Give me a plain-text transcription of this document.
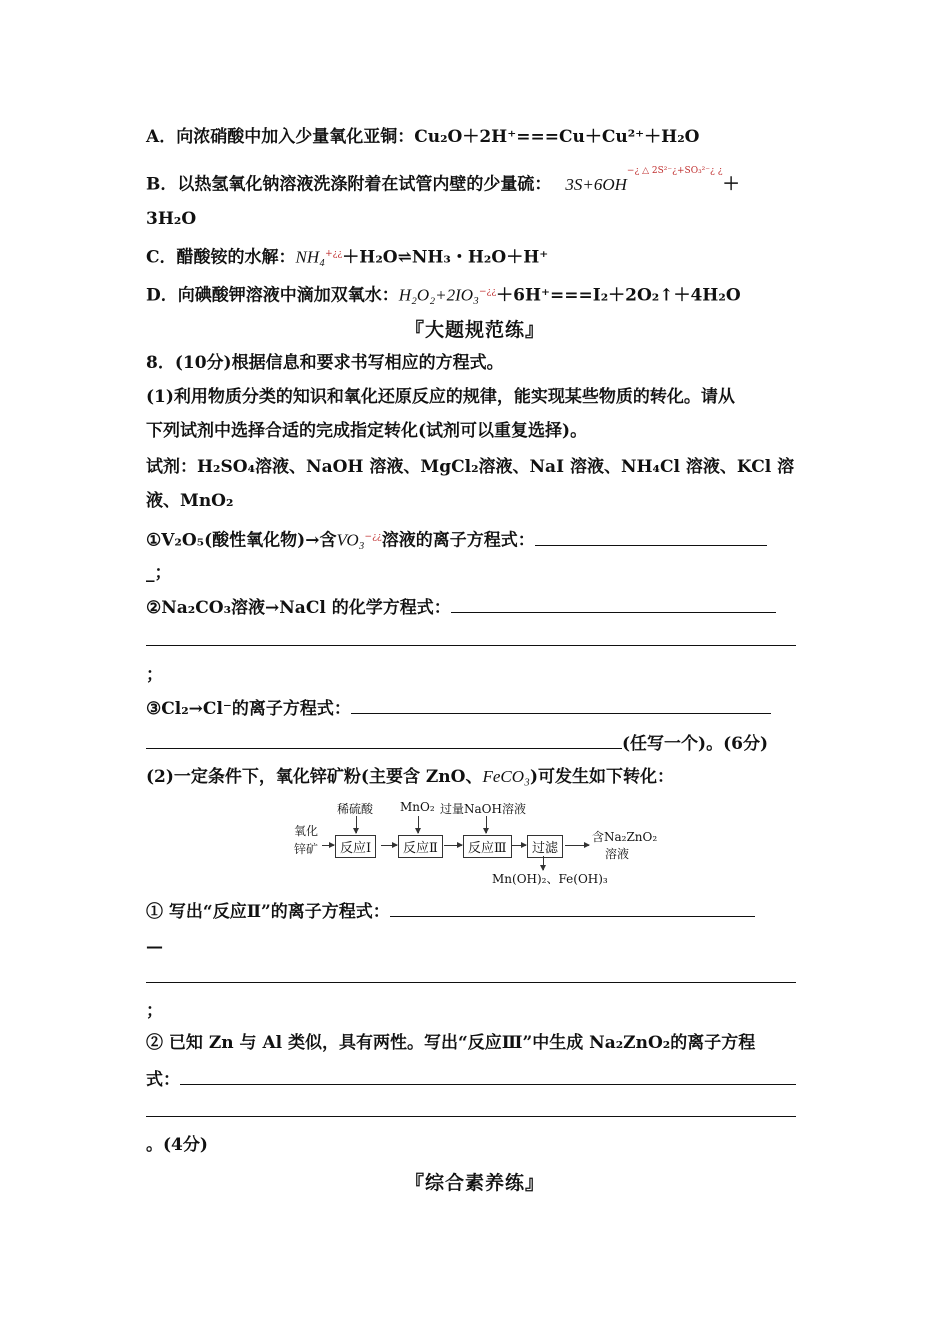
A．向浓硝酸中加入少量氧化亚铜：Cu₂O＋2H⁺===Cu＋Cu²⁺＋H₂O
B．以热氢氧化钠溶液洗涤附着在试管内壁的少量硫： $3S+6OH^{-¿ \triangle 2S^{2-}¿+SO_3^{2-}¿ ¿}+$
3H₂O
C．醋酸铵的水解：NH₄+¿¿＋H₂O⇌NH₃・H₂O＋H⁺
D．向碘酸钾溶液中滴加双氧水：H₂O₂+2IO₃−¿¿＋6H⁺===I₂＋2O₂↑＋4H₂O
『大题规范练』
8．(10分)根据信息和要求书写相应的方程式。
(1)利用物质分类的知识和氧化还原反应的规律，能实现某些物质的转化。请从
下列试剂中选择合适的完成指定转化(试剂可以重复选择)。
试剂：H₂SO₄溶液、NaOH 溶液、MgCl₂溶液、NaI 溶液、NH₄Cl 溶液、KCl 溶
液、MnO₂
①V₂O₅(酸性氧化物)→含VO₃−¿¿溶液的离子方程式：
_；
②Na₂CO₃溶液→NaCl 的化学方程式：
；
③Cl₂→Cl⁻的离子方程式：
(任写一个)。(6分)
(2)一定条件下，氧化锌矿粉(主要含 ZnO、FeCO₃)可发生如下转化：
氧化
锌矿	反应Ⅰ	反应Ⅱ	反应Ⅲ	过滤
稀硫酸 MnO₂ 过量NaOH溶液
含Na₂ZnO₂
溶液
Mn(OH)₂、Fe(OH)₃
① 写出“反应Ⅱ”的离子方程式：
—
；
② 已知 Zn 与 Al 类似，具有两性。写出“反应Ⅲ”中生成 Na₂ZnO₂的离子方程
式：
。(4分)
『综合素养练』
